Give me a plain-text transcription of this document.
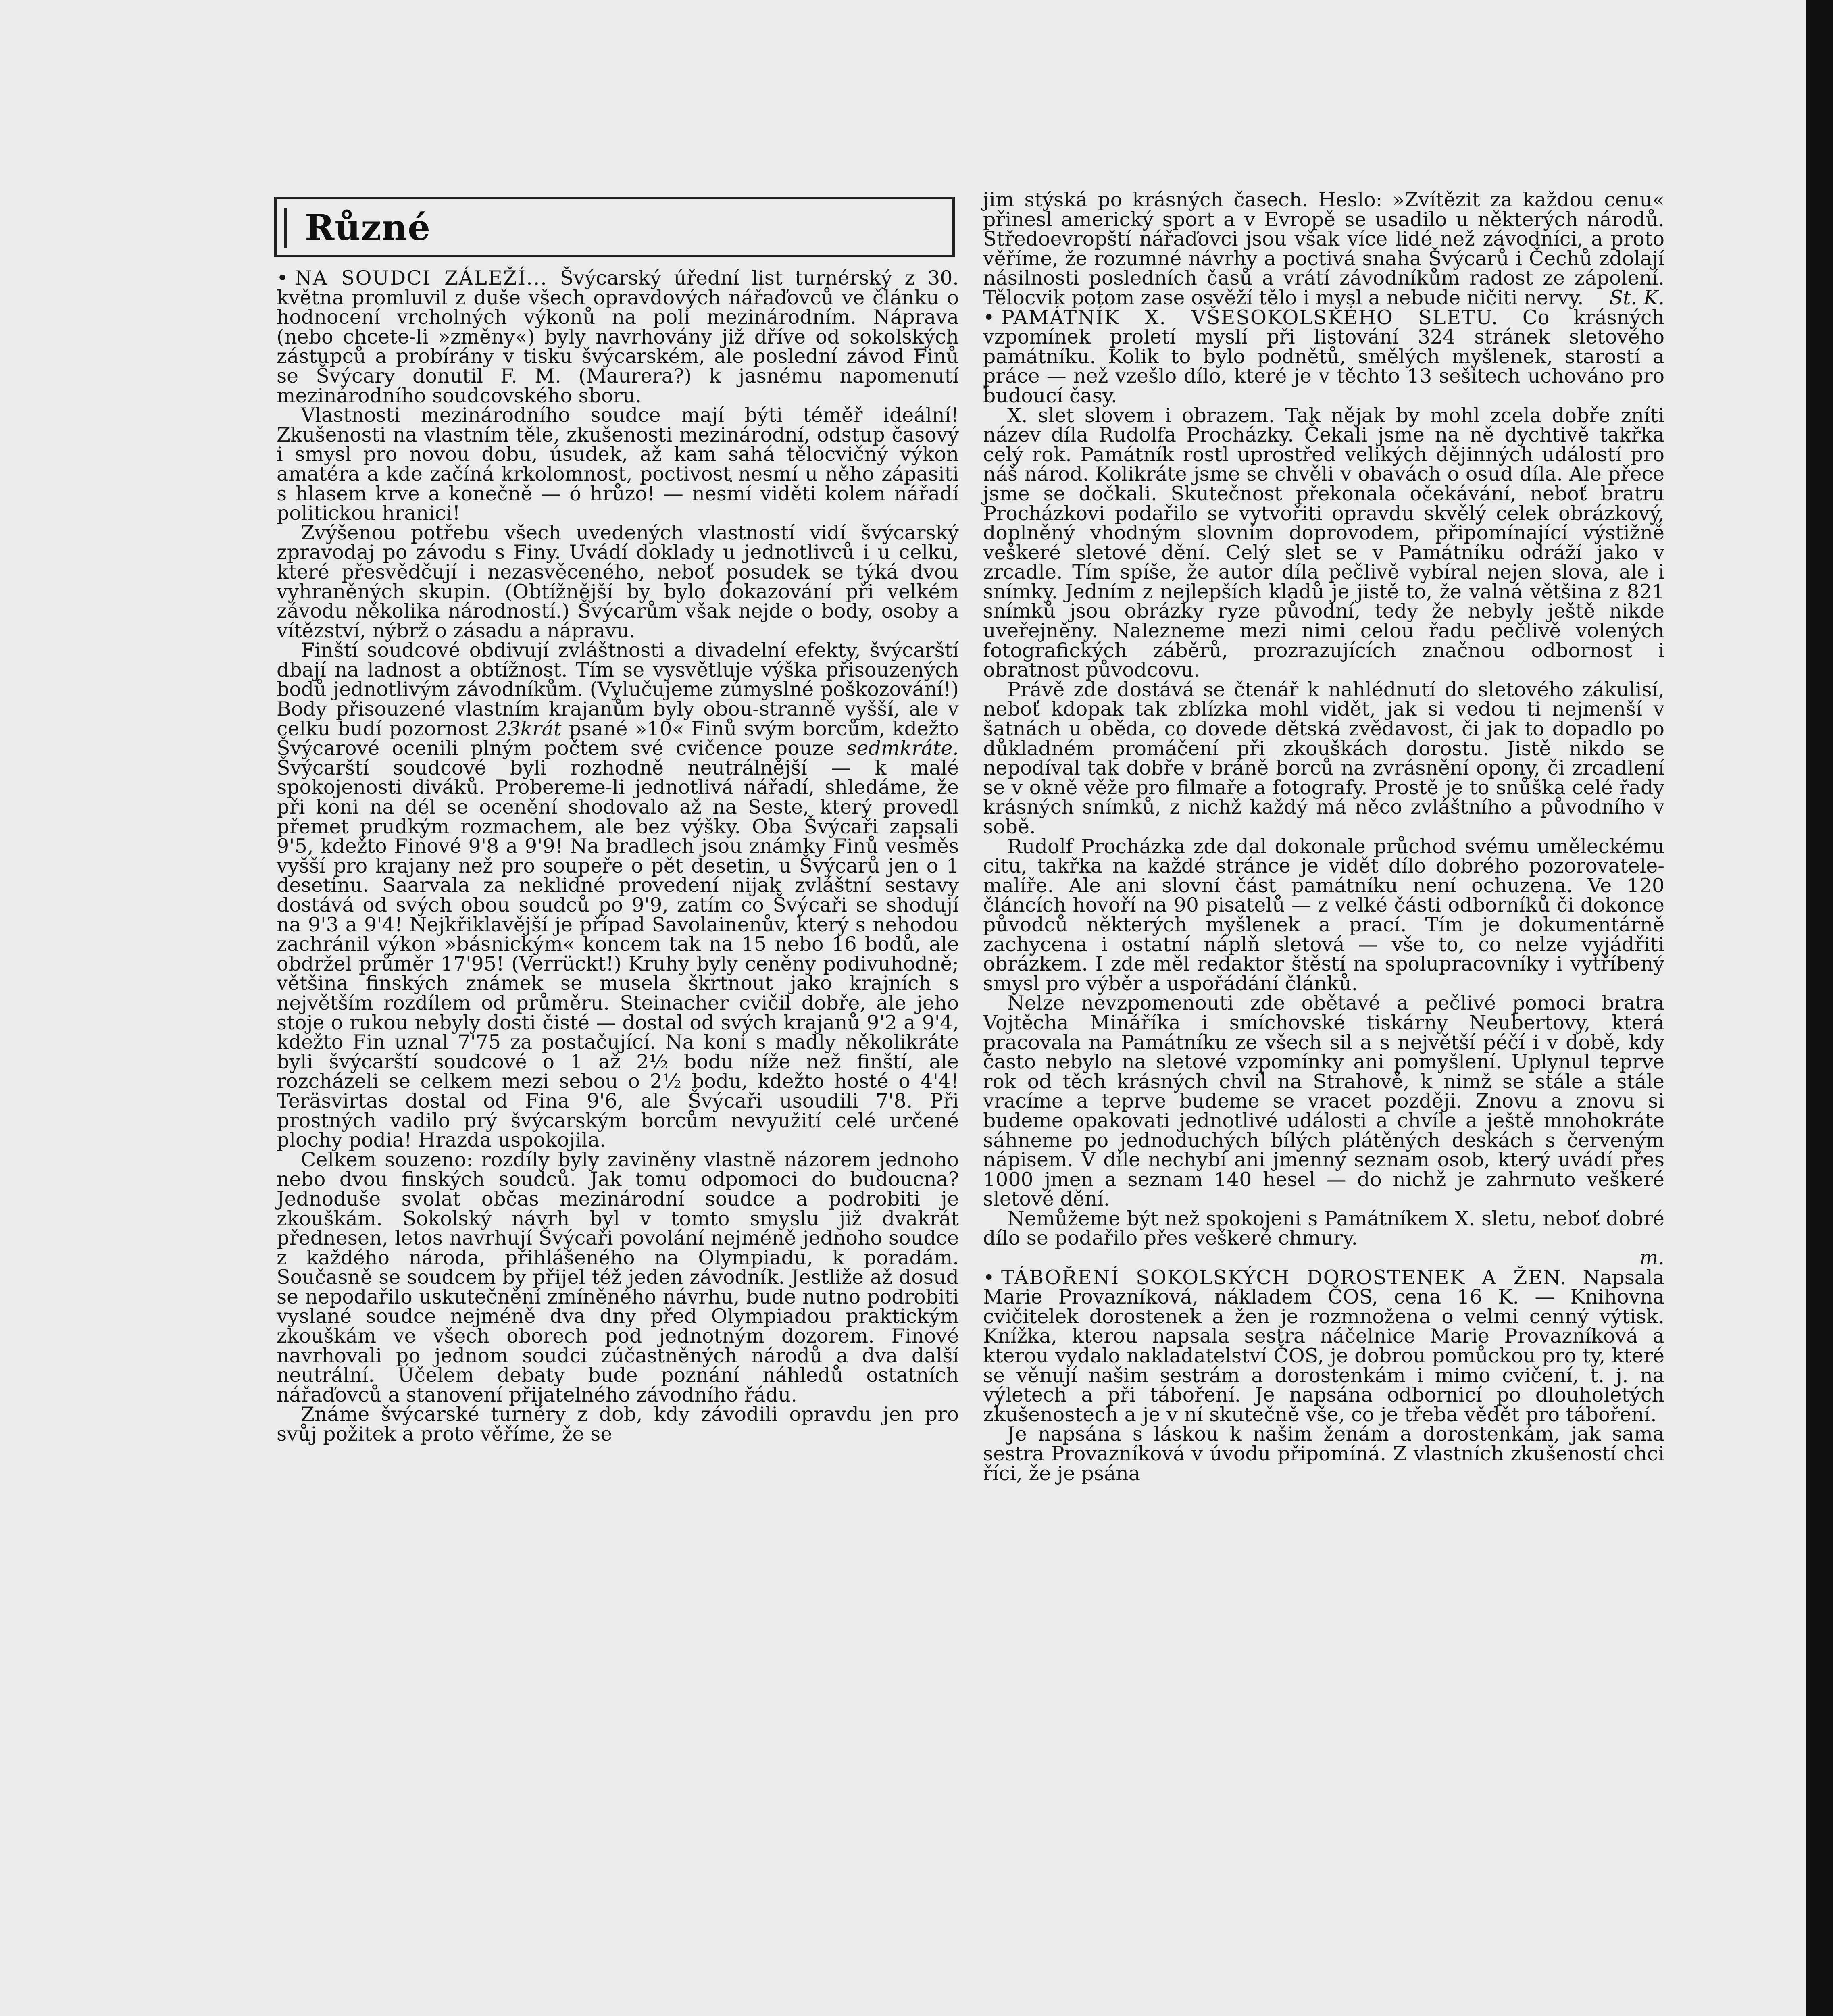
Různé

• NA SOUDCI ZÁLEŽÍ... Švýcarský úřední list turnérský z 30. května promluvil z duše všech opravdových nářaďovců ve článku o hodnocení vrcholných výkonů na poli mezinárodním. Náprava (nebo chcete-li »změny«) byly navrhovány již dříve od sokolských zástupců a probírány v tisku švýcarském, ale poslední závod Finů se Švýcary donutil F. M. (Maurera?) k jasnému napomenutí mezinárodního soudcovského sboru.

Vlastnosti mezinárodního soudce mají býti téměř ideální! Zkušenosti na vlastním těle, zkušenosti mezinárodní, odstup časový i smysl pro novou dobu, úsudek, až kam sahá tělocvičný výkon amatéra a kde začíná krkolomnost, poctivost nesmí u něho zápasiti s hlasem krve a konečně — ó hrůzo! — nesmí viděti kolem nářadí politickou hranici!

Zvýšenou potřebu všech uvedených vlastností vidí švýcarský zpravodaj po závodu s Finy. Uvádí doklady u jednotlivců i u celku, které přesvědčují i nezasvěceného, neboť posudek se týká dvou vyhraněných skupin. (Obtížnější by bylo dokazování při velkém závodu několika národností.) Švýcarům však nejde o body, osoby a vítězství, nýbrž o zásadu a nápravu.

Finští soudcové obdivují zvláštnosti a divadelní efekty, švýcarští dbají na ladnost a obtížnost. Tím se vysvětluje výška přisouzených bodů jednotlivým závodníkům. (Vylučujeme zúmyslné poškozování!) Body přisouzené vlastním krajanům byly obou-stranně vyšší, ale v celku budí pozornost 23krát psané »10« Finů svým borcům, kdežto Švýcarové ocenili plným počtem své cvičence pouze sedmkráte. Švýcarští soudcové byli rozhodně neutrálnější — k malé spokojenosti diváků. Probereme-li jednotlivá nářadí, shledáme, že při koni na dél se ocenění shodovalo až na Seste, který provedl přemet prudkým rozmachem, ale bez výšky. Oba Švýcaři zapsali 9'5, kdežto Finové 9'8 a 9'9! Na bradlech jsou známky Finů vesměs vyšší pro krajany než pro soupeře o pět desetin, u Švýcarů jen o 1 desetinu. Saarvala za neklidné provedení nijak zvláštní sestavy dostává od svých obou soudců po 9'9, zatím co Švýcaři se shodují na 9'3 a 9'4! Nejkřiklavější je případ Savolainenův, který s nehodou zachránil výkon »básnickým« koncem tak na 15 nebo 16 bodů, ale obdržel průměr 17'95! (Verrückt!) Kruhy byly ceněny podivuhodně; většina finských známek se musela škrtnout jako krajních s největším rozdílem od průměru. Steinacher cvičil dobře, ale jeho stoje o rukou nebyly dosti čisté — dostal od svých krajanů 9'2 a 9'4, kdežto Fin uznal 7'75 za postačující. Na koni s madly několikráte byli švýcarští soudcové o 1 až 2½ bodu níže než finští, ale rozcházeli se celkem mezi sebou o 2½ bodu, kdežto hosté o 4'4! Teräsvirtas dostal od Fina 9'6, ale Švýcaři usoudili 7'8. Při prostných vadilo prý švýcarským borcům nevyužití celé určené plochy podia! Hrazda uspokojila.

Celkem souzeno: rozdíly byly zaviněny vlastně názorem jednoho nebo dvou finských soudců. Jak tomu odpomoci do budoucna? Jednoduše svolat občas mezinárodní soudce a podrobiti je zkouškám. Sokolský návrh byl v tomto smyslu již dvakrát přednesen, letos navrhují Švýcaři povolání nejméně jednoho soudce z každého národa, přihlášeného na Olympiadu, k poradám. Současně se soudcem by přijel též jeden závodník. Jestliže až dosud se nepodařilo uskutečnění zmíněného návrhu, bude nutno podrobiti vyslané soudce nejméně dva dny před Olympiadou praktickým zkouškám ve všech oborech pod jednotným dozorem. Finové navrhovali po jednom soudci zúčastněných národů a dva další neutrální. Účelem debaty bude poznání náhledů ostatních nářaďovců a stanovení přijatelného závodního řádu.

Známe švýcarské turnéry z dob, kdy závodili opravdu jen pro svůj požitek a proto věříme, že se

jim stýská po krásných časech. Heslo: »Zvítězit za každou cenu« přinesl americký sport a v Evropě se usadilo u některých národů. Středoevropští nářaďovci jsou však více lidé než závodníci, a proto věříme, že rozumné návrhy a poctivá snaha Švýcarů i Čechů zdolají násilnosti posledních časů a vrátí závodníkům radost ze zápolení. Tělocvik potom zase osvěží tělo i mysl a nebude ničiti nervy. St. K.

• PAMÁTNÍK X. VŠESOKOLSKÉHO SLETU. Co krásných vzpomínek proletí myslí při listování 324 stránek sletového památníku. Kolik to bylo podnětů, smělých myšlenek, starostí a práce — než vzešlo dílo, které je v těchto 13 sešitech uchováno pro budoucí časy.

X. slet slovem i obrazem. Tak nějak by mohl zcela dobře zníti název díla Rudolfa Procházky. Čekali jsme na ně dychtivě takřka celý rok. Památník rostl uprostřed velikých dějinných událostí pro náš národ. Kolikráte jsme se chvěli v obavách o osud díla. Ale přece jsme se dočkali. Skutečnost překonala očekávání, neboť bratru Procházkovi podařilo se vytvořiti opravdu skvělý celek obrázkový, doplněný vhodným slovním doprovodem, připomínající výstižně veškeré sletové dění. Celý slet se v Památníku odráží jako v zrcadle. Tím spíše, že autor díla pečlivě vybíral nejen slova, ale i snímky. Jedním z nejlepších kladů je jistě to, že valná většina z 821 snímků jsou obrázky ryze původní, tedy že nebyly ještě nikde uveřejněny. Nalezneme mezi nimi celou řadu pečlivě volených fotografických záběrů, prozrazujících značnou odbornost i obratnost původcovu.

Právě zde dostává se čtenář k nahlédnutí do sletového zákulisí, neboť kdopak tak zblízka mohl vidět, jak si vedou ti nejmenší v šatnách u oběda, co dovede dětská zvědavost, či jak to dopadlo po důkladném promáčení při zkouškách dorostu. Jistě nikdo se nepodíval tak dobře v bráně borců na zvrásnění opony, či zrcadlení se v okně věže pro filmaře a fotografy. Prostě je to snůška celé řady krásných snímků, z nichž každý má něco zvláštního a původního v sobě.

Rudolf Procházka zde dal dokonale průchod svému uměleckému citu, takřka na každé stránce je vidět dílo dobrého pozorovatele-malíře. Ale ani slovní část památníku není ochuzena. Ve 120 článcích hovoří na 90 pisatelů — z velké části odborníků či dokonce původců některých myšlenek a prací. Tím je dokumentárně zachycena i ostatní náplň sletová — vše to, co nelze vyjádřiti obrázkem. I zde měl redaktor štěstí na spolupracovníky i vytříbený smysl pro výběr a uspořádání článků.

Nelze nevzpomenouti zde obětavé a pečlivé pomoci bratra Vojtěcha Mináříka i smíchovské tiskárny Neubertovy, která pracovala na Památníku ze všech sil a s největší péčí i v době, kdy často nebylo na sletové vzpomínky ani pomyšlení. Uplynul teprve rok od těch krásných chvil na Strahově, k nimž se stále a stále vracíme a teprve budeme se vracet později. Znovu a znovu si budeme opakovati jednotlivé události a chvíle a ještě mnohokráte sáhneme po jednoduchých bílých plátěných deskách s červeným nápisem. V díle nechybí ani jmenný seznam osob, který uvádí přes 1000 jmen a seznam 140 hesel — do nichž je zahrnuto veškeré sletové dění.

Nemůžeme být než spokojeni s Památníkem X. sletu, neboť dobré dílo se podařilo přes veškeré chmury.

m.

• TÁBOŘENÍ SOKOLSKÝCH DOROSTENEK A ŽEN. Napsala Marie Provazníková, nákladem ČOS, cena 16 K. — Knihovna cvičitelek dorostenek a žen je rozmnožena o velmi cenný výtisk. Knížka, kterou napsala sestra náčelnice Marie Provazníková a kterou vydalo nakladatelství ČOS, je dobrou pomůckou pro ty, které se věnují našim sestrám a dorostenkám i mimo cvičení, t. j. na výletech a při táboření. Je napsána odbornicí po dlouholetých zkušenostech a je v ní skutečně vše, co je třeba vědět pro táboření.

Je napsána s láskou k našim ženám a dorostenkám, jak sama sestra Provazníková v úvodu připomíná. Z vlastních zkušeností chci říci, že je psána
